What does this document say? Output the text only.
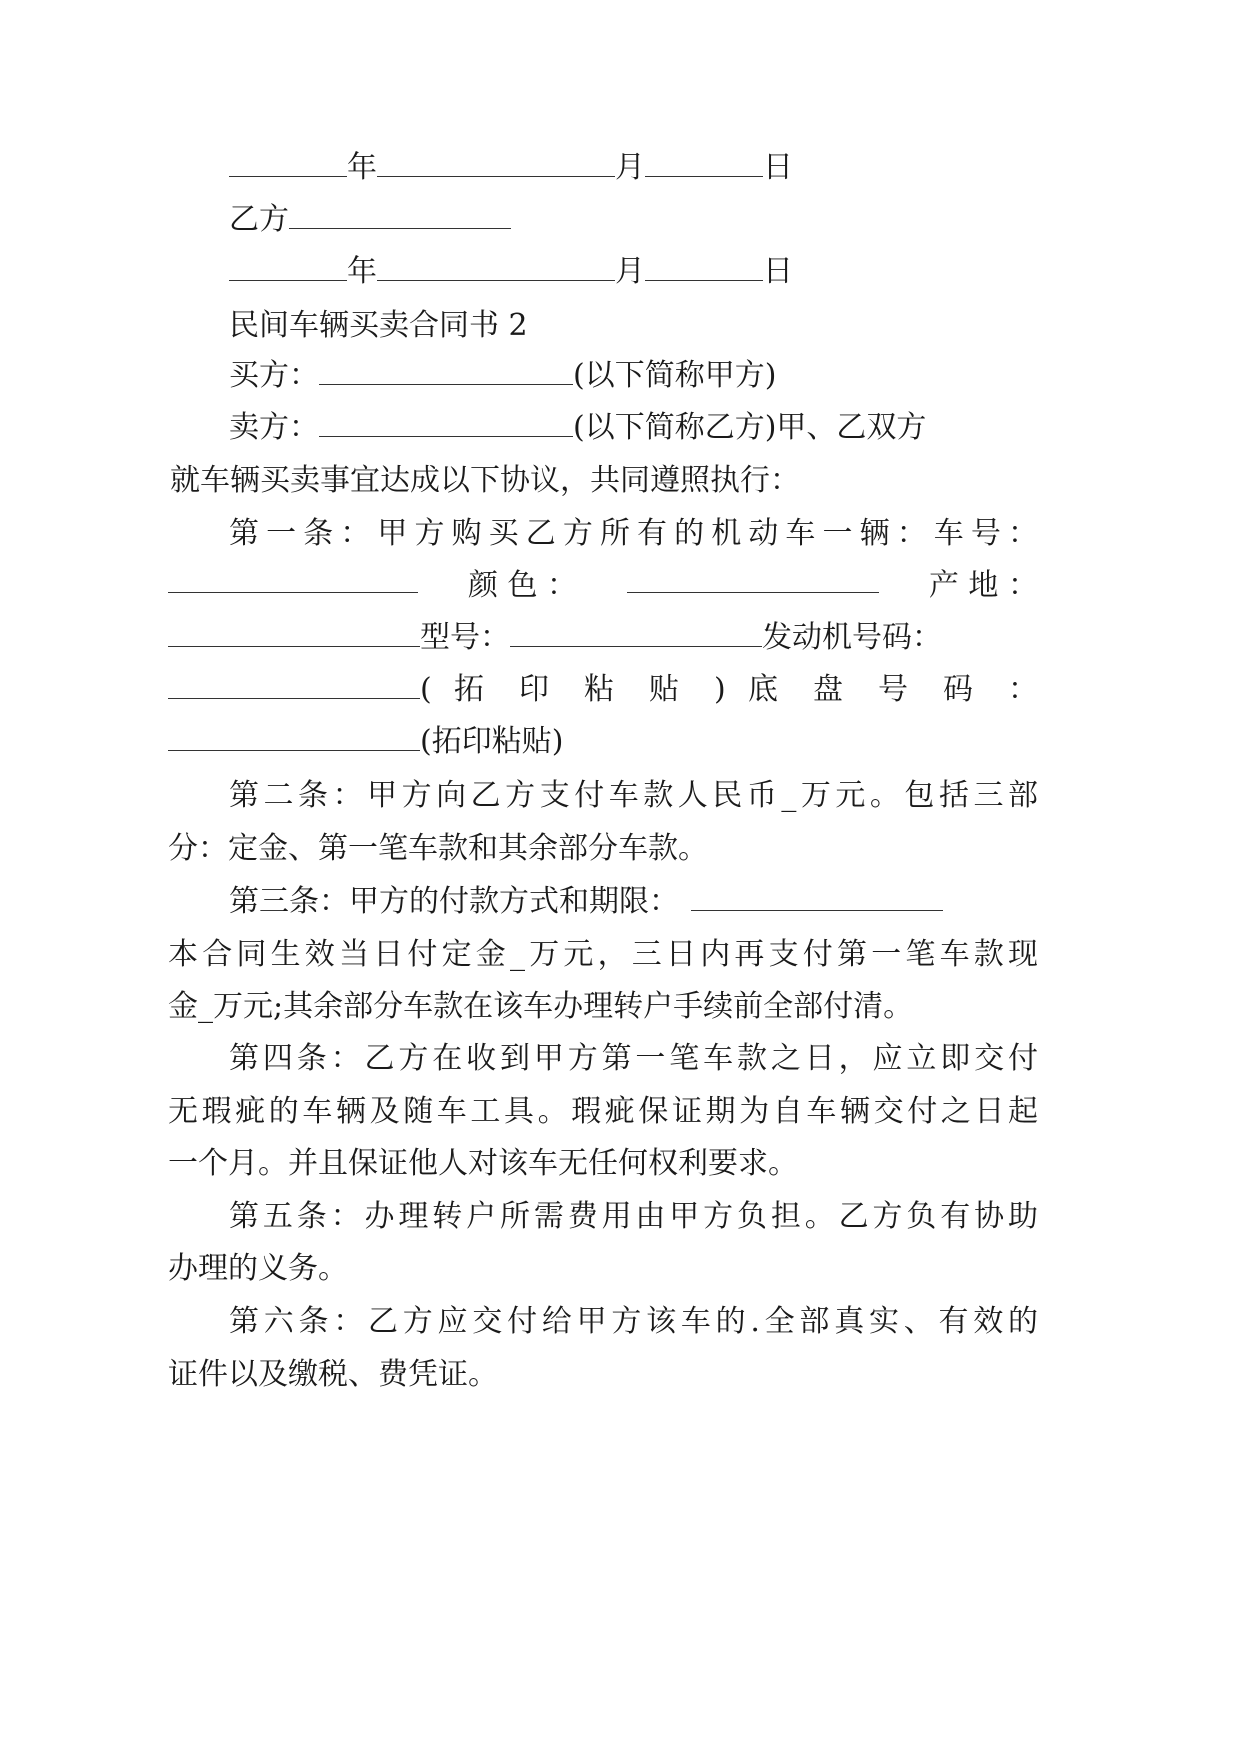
年	月	日
乙方
年	月	日
民间车辆买卖合同书 2
买方：	(以下简称甲方)
卖方：	(以下简称乙方)甲、乙双方
就车辆买卖事宜达成以下协议，共同遵照执行：
第一条：甲方购买乙方所有的机动车一辆：车号：
颜 色 ：	产 地 ：
型号：	发动机号码：
( 拓 印 粘 贴 ) 底 盘 号 码 ：
(拓印粘贴)
第二条：甲方向乙方支付车款人民币_万元。包括三部
分：定金、第一笔车款和其余部分车款。
第三条：甲方的付款方式和期限：
本合同生效当日付定金_万元，三日内再支付第一笔车款现
金_万元;其余部分车款在该车办理转户手续前全部付清。
第四条：乙方在收到甲方第一笔车款之日，应立即交付
无瑕疵的车辆及随车工具。瑕疵保证期为自车辆交付之日起
一个月。并且保证他人对该车无任何权利要求。
第五条：办理转户所需费用由甲方负担。乙方负有协助
办理的义务。
第六条：乙方应交付给甲方该车的.全部真实、有效的
证件以及缴税、费凭证。
